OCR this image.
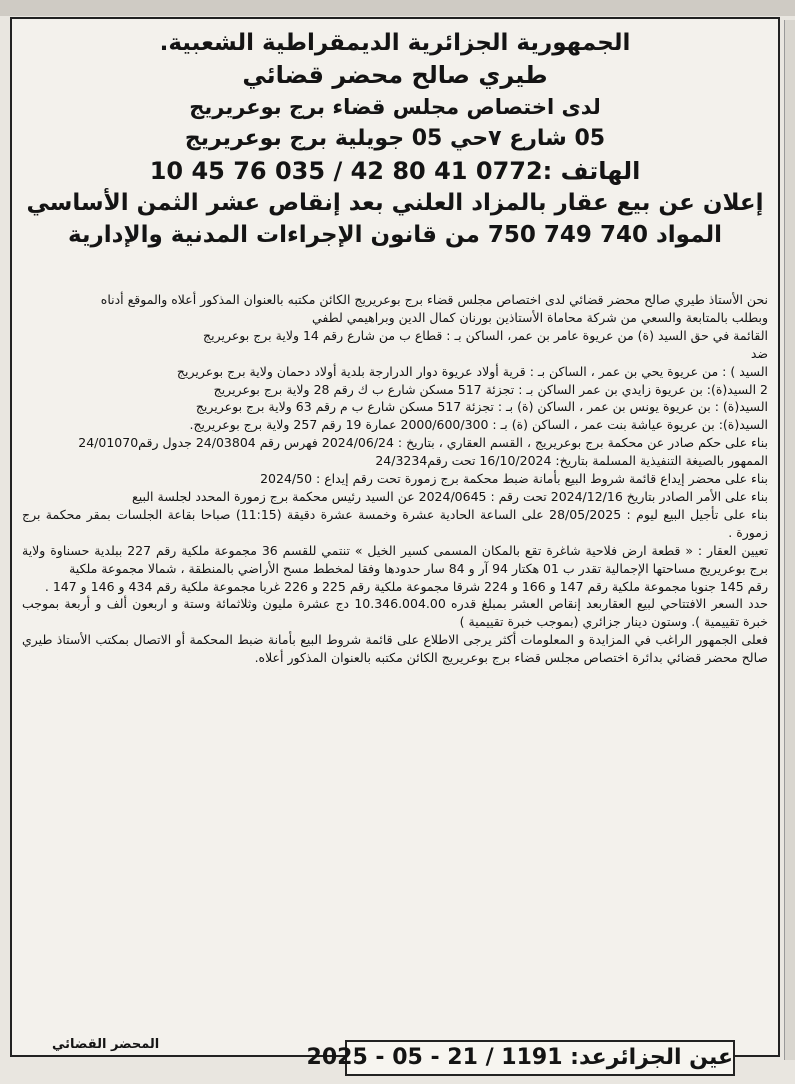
الجمهورية الجزائرية الديمقراطية الشعبية.
طيري صالح محضر قضائي
لدى اختصاص مجلس قضاء برج بوعريريج
05 شارع ٧حي 05 جويلية برج بوعريريج
الهاتف :0772 41 80 42 / 035 76 45 10
إعلان عن بيع عقار بالمزاد العلني بعد إنقاص عشر الثمن الأساسي
المواد 740 749 750 من قانون الإجراءات المدنية والإدارية

نحن الأستاذ طيري صالح محضر قضائي لدى اختصاص مجلس قضاء برج بوعريريج الكائن مكتبه بالعنوان المذكور أعلاه والموقع أدناه

وبطلب بالمتابعة والسعي من شركة محاماة الأستاذين بورنان كمال الدين وبراهيمي لطفي

القائمة في حق السيد (ة) من عريوة عامر بن عمر، الساكن بـ : قطاع ب من شارع رقم 14 ولاية برج بوعريريج

ضد

السيد ) : من عريوة يحي بن عمر ، الساكن بـ : قرية أولاد عريوة دوار الدرارجة بلدية أولاد دحمان ولاية برج بوعريريج

2 السيد(ة): بن عريوة زايدي بن عمر الساكن بـ : تجزئة 517 مسكن شارع ب ك رقم 28 ولاية برج بوعريريج

السيد(ة) : بن عريوة يونس بن عمر ، الساكن (ة) بـ : تجزئة 517 مسكن شارع ب م رقم 63 ولاية برج بوعريريج

السيد(ة): بن عريوة عياشة بنت عمر ، الساكن (ة) بـ : 2000/600/300 عمارة 19 رقم 257 ولاية برج بوعريريج.

بناء على حكم صادر عن محكمة برج بوعريريج ، القسم العقاري ، بتاريخ : 2024/06/24 فهرس رقم 24/03804 جدول رقم24/01070

الممهور بالصيغة التنفيذية المسلمة بتاريخ: 16/10/2024 تحت رقم24/3234

بناء على محضر إيداع قائمة شروط البيع بأمانة ضبط محكمة برج زمورة تحت رقم إيداع : 2024/50

بناء على الأمر الصادر بتاريخ 2024/12/16 تحت رقم : 2024/0645 عن السيد رئيس محكمة برج زمورة المحدد لجلسة البيع

بناء على تأجيل البيع ليوم : 28/05/2025 على الساعة الحادية عشرة وخمسة عشرة دقيقة (11:15) صباحا بقاعة الجلسات بمقر محكمة برج زمورة .

تعيين العقار : « قطعة ارض فلاحية شاغرة تقع بالمكان المسمى كسير الخيل » تنتمي للقسم 36 مجموعة ملكية رقم 227 ببلدية حسناوة ولاية برج بوعريريج مساحتها الإجمالية تقدر ب 01 هكتار 94 آر و 84 سار حدودها وفقا لمخطط مسح الأراضي بالمنطقة ، شمالا مجموعة ملكية

رقم 145 جنوبا مجموعة ملكية رقم 147 و 166 و 224 شرقا مجموعة ملكية رقم 225 و 226 غربا مجموعة ملكية رقم 434 و 146 و 147 .

حدد السعر الافتتاحي لبيع العقاربعد إنقاص العشر بمبلغ قدره 10.346.004.00 دج عشرة مليون وثلاثمائة وستة و اربعون ألف و أربعة بموجب خبرة تقييمية ). وستون دينار جزائري (بموجب خبرة تقييمية )

فعلى الجمهور الراغب في المزايدة و المعلومات أكثر يرجى الاطلاع على قائمة شروط البيع بأمانة ضبط المحكمة أو الاتصال بمكتب الأستاذ طيري صالح محضر قضائي بدائرة اختصاص مجلس قضاء برج بوعريريج الكائن مكتبه بالعنوان المذكور أعلاه.

المحضر القضائي
عين الجزائرعد: 1191 / 21 - 05 - 2025
